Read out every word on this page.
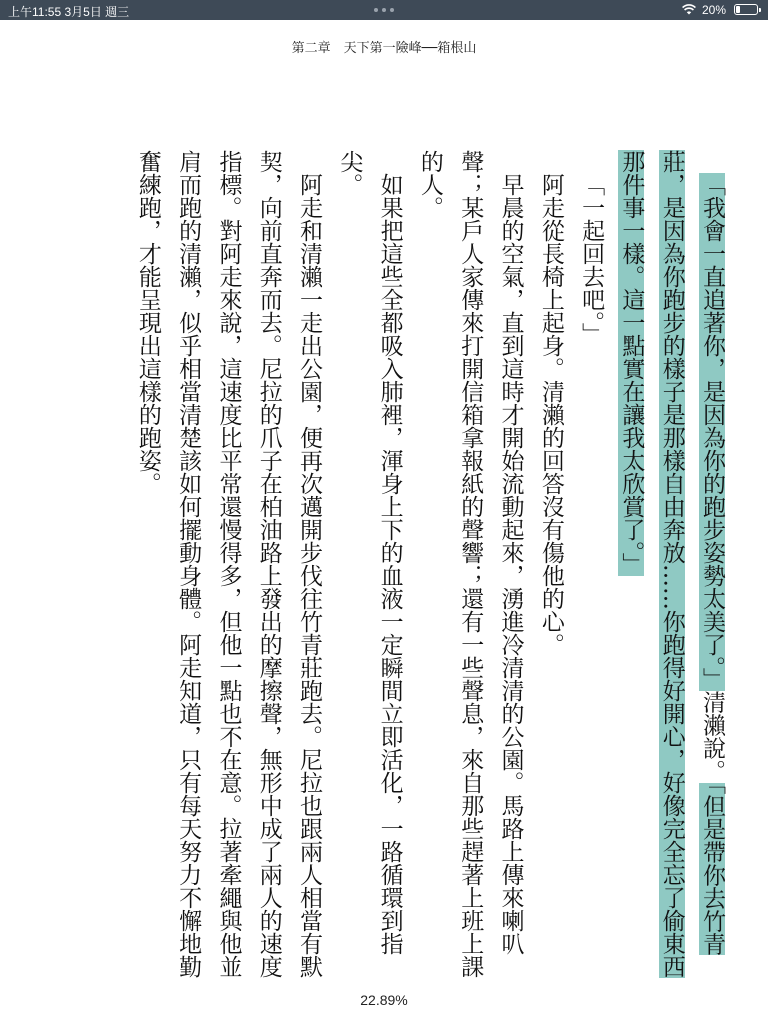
上午11:55 3月5日 週三	20%
第二章　天下第一險峰──箱根山

「我會一直追著你，是因為你的跑步姿勢太美了。」清瀨說。「但是帶你去竹青莊，是因為你跑步的樣子是那樣自由奔放……你跑得好開心，好像完全忘了偷東西那件事一樣。這一點實在讓我太欣賞了。」

「一起回去吧。」

阿走從長椅上起身。清瀨的回答沒有傷他的心。

早晨的空氣，直到這時才開始流動起來，湧進冷清清的公園。馬路上傳來喇叭聲；某戶人家傳來打開信箱拿報紙的聲響；還有一些聲息，來自那些趕著上班上課的人。

如果把這些全都吸入肺裡，渾身上下的血液一定瞬間立即活化，一路循環到指尖。

阿走和清瀨一走出公園，便再次邁開步伐往竹青莊跑去。尼拉也跟兩人相當有默契，向前直奔而去。尼拉的爪子在柏油路上發出的摩擦聲，無形中成了兩人的速度指標。對阿走來說，這速度比平常還慢得多，但他一點也不在意。拉著牽繩與他並肩而跑的清瀨，似乎相當清楚該如何擺動身體。阿走知道，只有每天努力不懈地勤奮練跑，才能呈現出這樣的跑姿。

22.89%
